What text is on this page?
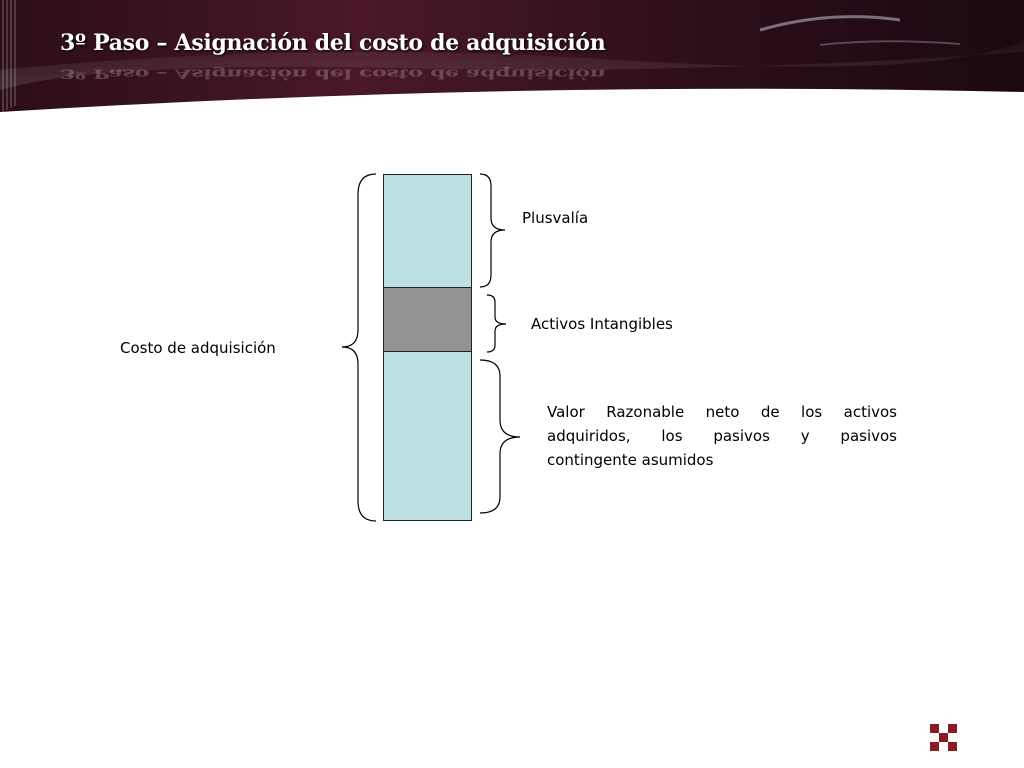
3º Paso – Asignación del costo de adquisición
3º Paso – Asignación del costo de adquisición
Costo de adquisición
Plusvalía
Activos Intangibles
Valor Razonable neto de los activos
adquiridos, los pasivos y pasivos
contingente asumidos
